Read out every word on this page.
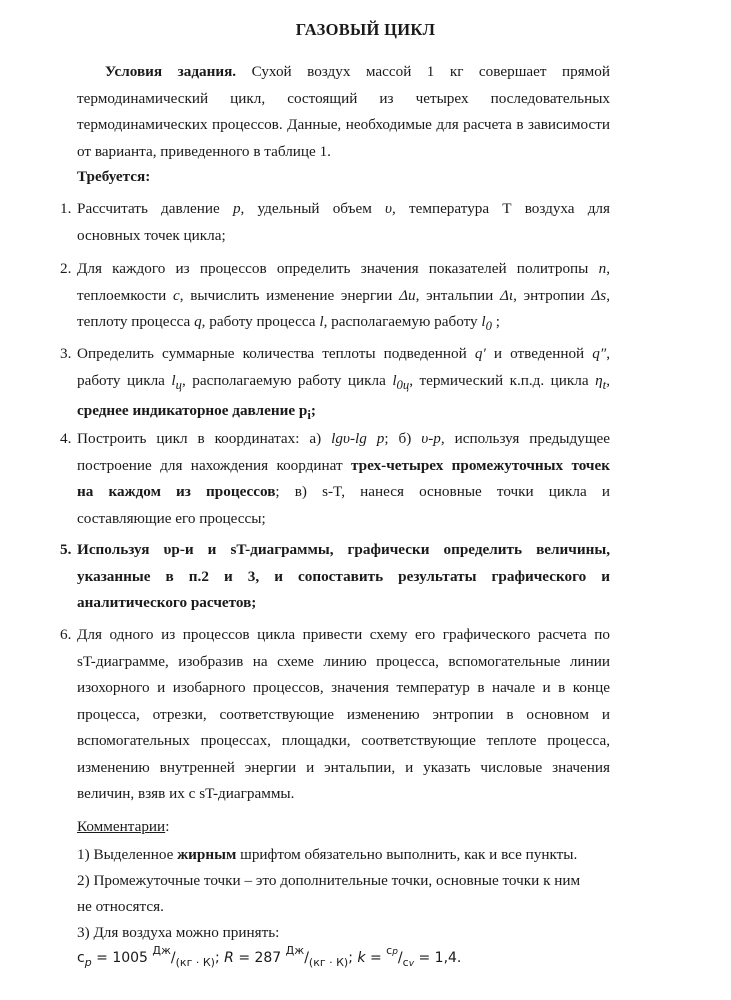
ГАЗОВЫЙ ЦИКЛ
Условия задания. Сухой воздух массой 1 кг совершает прямой
термодинамический цикл, состоящий из четырех последовательных
термодинамических процессов. Данные, необходимые для расчета в зависимости
от варианта, приведенного в таблице 1.
Требуется:
1. Рассчитать давление p, удельный объем υ, температура Т воздуха для
основных точек цикла;
2. Для каждого из процессов определить значения показателей политропы n,
теплоемкости c, вычислить изменение энергии Δu, энтальпии Δι, энтропии Δs,
теплоту процесса q, работу процесса l, располагаемую работу $l_0$ ;
3. Определить суммарные количества теплоты подведенной q′ и отведенной q″,
работу цикла $l_ц$, располагаемую работу цикла $l_{0ц}$, термический к.п.д. цикла $\eta_t$,
среднее индикаторное давление $p_i$;
4. Построить цикл в координатах: а) lgυ-lg p; б) υ-p, используя предыдущее
построение для нахождения координат трех-четырех промежуточных точек
на каждом из процессов; в) s-T, нанеся основные точки цикла и
составляющие его процессы;
5. Используя υp-и и sT-диаграммы, графически определить величины,
указанные в п.2 и 3, и сопоставить результаты графического и
аналитического расчетов;
6. Для одного из процессов цикла привести схему его графического расчета по
sT-диаграмме, изобразив на схеме линию процесса, вспомогательные линии
изохорного и изобарного процессов, значения температур в начале и в конце
процесса, отрезки, соответствующие изменению энтропии в основном и
вспомогательных процессах, площадки, соответствующие теплоте процесса,
изменению внутренней энергии и энтальпии, и указать числовые значения
величин, взяв их с sT-диаграммы.
Комментарии:
1) Выделенное жирным шрифтом обязательно выполнить, как и все пункты.
2) Промежуточные точки – это дополнительные точки, основные точки к ним
не относятся.
3) Для воздуха можно принять:
$c_p = 1005$ $^{Дж}/_{(кг \cdot К)}$; R = 287 $^{Дж}/_{(кг \cdot К)}$; $k = ^{cp}/_{cv} = 1,4$.
